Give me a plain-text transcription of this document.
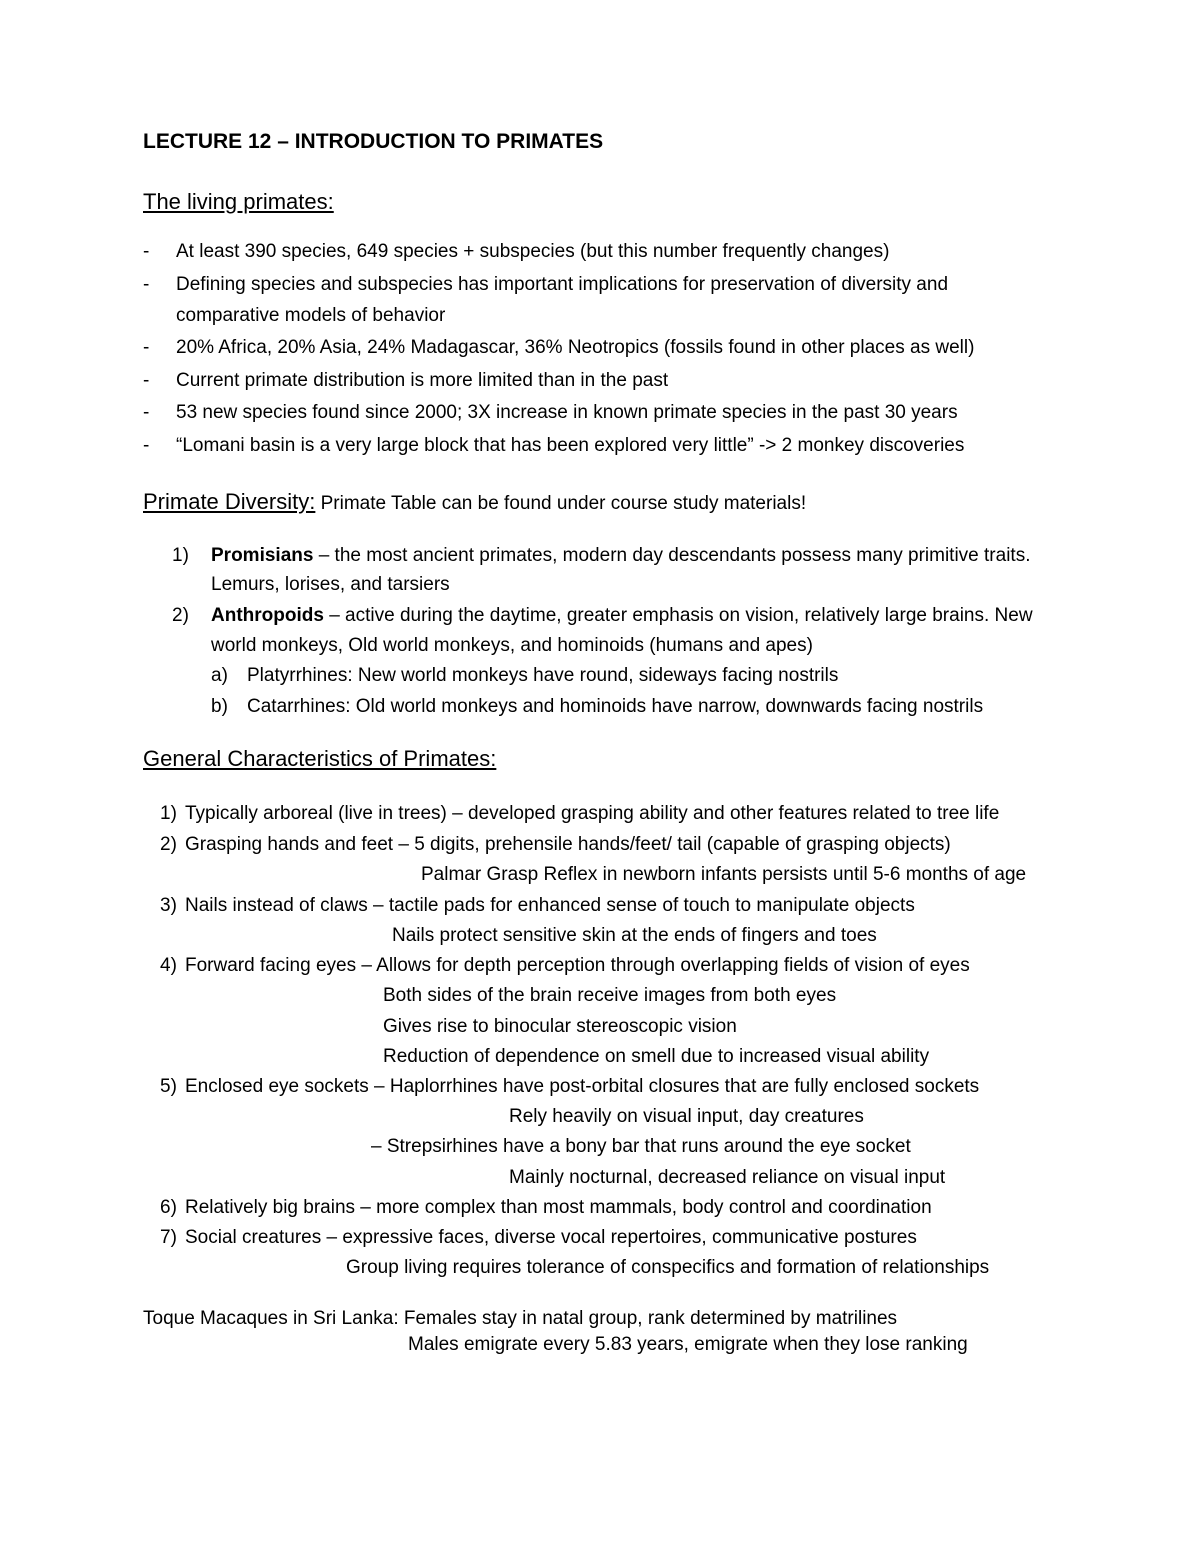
LECTURE 12 – INTRODUCTION TO PRIMATES
The living primates:
- At least 390 species, 649 species + subspecies (but this number frequently changes)
- Defining species and subspecies has important implications for preservation of diversity and
comparative models of behavior
- 20% Africa, 20% Asia, 24% Madagascar, 36% Neotropics (fossils found in other places as well)
- Current primate distribution is more limited than in the past
- 53 new species found since 2000; 3X increase in known primate species in the past 30 years
- “Lomani basin is a very large block that has been explored very little” -> 2 monkey discoveries
Primate Diversity: Primate Table can be found under course study materials!
1) Promisians – the most ancient primates, modern day descendants possess many primitive traits.
Lemurs, lorises, and tarsiers
2) Anthropoids – active during the daytime, greater emphasis on vision, relatively large brains. New
world monkeys, Old world monkeys, and hominoids (humans and apes)
a) Platyrrhines: New world monkeys have round, sideways facing nostrils
b) Catarrhines: Old world monkeys and hominoids have narrow, downwards facing nostrils
General Characteristics of Primates:
1) Typically arboreal (live in trees) – developed grasping ability and other features related to tree life
2) Grasping hands and feet – 5 digits, prehensile hands/feet/ tail (capable of grasping objects)
Palmar Grasp Reflex in newborn infants persists until 5-6 months of age
3) Nails instead of claws – tactile pads for enhanced sense of touch to manipulate objects
Nails protect sensitive skin at the ends of fingers and toes
4) Forward facing eyes – Allows for depth perception through overlapping fields of vision of eyes
Both sides of the brain receive images from both eyes
Gives rise to binocular stereoscopic vision
Reduction of dependence on smell due to increased visual ability
5) Enclosed eye sockets – Haplorrhines have post-orbital closures that are fully enclosed sockets
Rely heavily on visual input, day creatures
– Strepsirhines have a bony bar that runs around the eye socket
Mainly nocturnal, decreased reliance on visual input
6) Relatively big brains – more complex than most mammals, body control and coordination
7) Social creatures – expressive faces, diverse vocal repertoires, communicative postures
Group living requires tolerance of conspecifics and formation of relationships
Toque Macaques in Sri Lanka: Females stay in natal group, rank determined by matrilines
Males emigrate every 5.83 years, emigrate when they lose ranking
